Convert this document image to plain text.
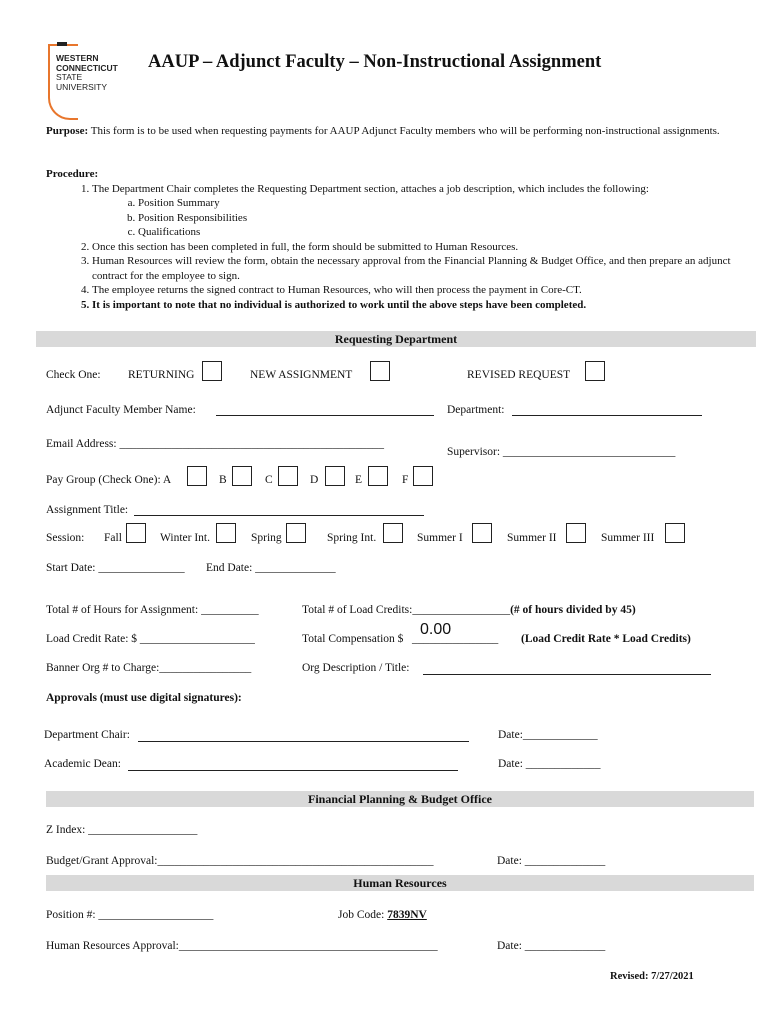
WESTERN
CONNECTICUT
STATE
UNIVERSITY
AAUP – Adjunct Faculty – Non-Instructional Assignment
Purpose: This form is to be used when requesting payments for AAUP Adjunct Faculty members who will be performing non-instructional assignments.
Procedure:
1. The Department Chair completes the Requesting Department section, attaches a job description, which includes the following:
a. Position Summary
b. Position Responsibilities
c. Qualifications
2. Once this section has been completed in full, the form should be submitted to Human Resources.
3. Human Resources will review the form, obtain the necessary approval from the Financial Planning & Budget Office, and then prepare an adjunct contract for the employee to sign.
4. The employee returns the signed contract to Human Resources, who will then process the payment in Core-CT.
5. It is important to note that no individual is authorized to work until the above steps have been completed.
Requesting Department
Check One: RETURNING	NEW ASSIGNMENT	REVISED REQUEST
Adjunct Faculty Member Name:	Department:
Email Address: ______________________________________________
Supervisor: ______________________________
Pay Group (Check One): A	B	C	D	E	F
Assignment Title:
Session: Fall	Winter Int.	Spring	Spring Int.	Summer I	Summer II	Summer III
Start Date: _______________ End Date: ______________
Total # of Hours for Assignment: __________	Total # of Load Credits:_________________(# of hours divided by 45)
Load Credit Rate: $ ____________________	Total Compensation $ _______________
0.00
(Load Credit Rate * Load Credits)
Banner Org # to Charge:________________	Org Description / Title:
Approvals (must use digital signatures):
Department Chair:	Date:_____________
Academic Dean:	Date: _____________
Financial Planning & Budget Office
Z Index: ___________________
Budget/Grant Approval:________________________________________________	Date: ______________
Human Resources
Position #: ____________________	Job Code: 7839NV
Human Resources Approval:_____________________________________________	Date: ______________
Revised: 7/27/2021
